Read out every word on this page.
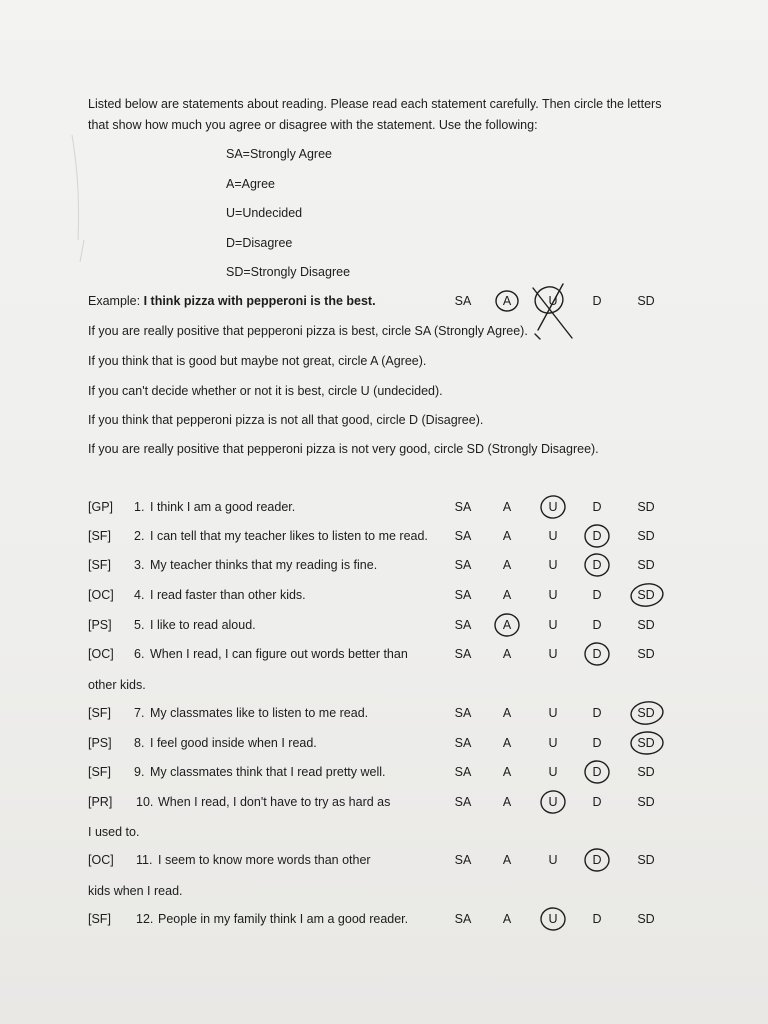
Listed below are statements about reading. Please read each statement carefully. Then circle the letters
that show how much you agree or disagree with the statement. Use the following:
SA=Strongly Agree
A=Agree
U=Undecided
D=Disagree
SD=Strongly Disagree
Example: I think pizza with pepperoni is the best.	SA	A	U	D	SD
If you are really positive that pepperoni pizza is best, circle SA (Strongly Agree).
If you think that is good but maybe not great, circle A (Agree).
If you can't decide whether or not it is best, circle U (undecided).
If you think that pepperoni pizza is not all that good, circle D (Disagree).
If you are really positive that pepperoni pizza is not very good, circle SD (Strongly Disagree).
[GP] 1. I think I am a good reader.	SA	A	U	D	SD
[SF] 2. I can tell that my teacher likes to listen to me read.	SA	A	U	D	SD
[SF] 3. My teacher thinks that my reading is fine.	SA	A	U	D	SD
[OC] 4. I read faster than other kids.	SA	A	U	D	SD
[PS] 5. I like to read aloud.	SA	A	U	D	SD
[OC] 6. When I read, I can figure out words better than
other kids.
SA	A	U	D	SD
[SF] 7. My classmates like to listen to me read.	SA	A	U	D	SD
[PS] 8. I feel good inside when I read.	SA	A	U	D	SD
[SF] 9. My classmates think that I read pretty well.	SA	A	U	D	SD
[PR] 10. When I read, I don't have to try as hard as
I used to.
SA	A	U	D	SD
[OC] 11. I seem to know more words than other
kids when I read.
SA	A	U	D	SD
[SF] 12. People in my family think I am a good reader.	SA	A	U	D	SD
